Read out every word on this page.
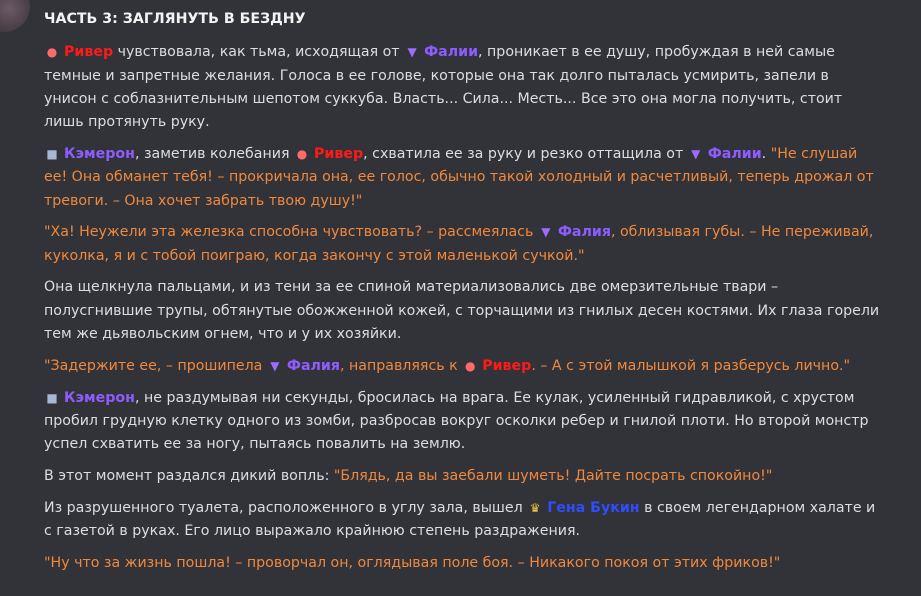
ЧАСТЬ 3: ЗАГЛЯНУТЬ В БЕЗДНУ

● Ривер чувствовала, как тьма, исходящая от ▼ Фалии, проникает в ее душу, пробуждая в ней самые темные и запретные желания. Голоса в ее голове, которые она так долго пыталась усмирить, запели в унисон с соблазнительным шепотом суккуба. Власть... Сила... Месть... Все это она могла получить, стоит лишь протянуть руку.

■ Кэмерон, заметив колебания ● Ривер, схватила ее за руку и резко оттащила от ▼ Фалии. "Не слушай ее! Она обманет тебя! – прокричала она, ее голос, обычно такой холодный и расчетливый, теперь дрожал от тревоги. – Она хочет забрать твою душу!"

"Ха! Неужели эта железка способна чувствовать? – рассмеялась ▼ Фалия, облизывая губы. – Не переживай, куколка, я и с тобой поиграю, когда закончу с этой маленькой сучкой."

Она щелкнула пальцами, и из тени за ее спиной материализовались две омерзительные твари – полусгнившие трупы, обтянутые обожженной кожей, с торчащими из гнилых десен костями. Их глаза горели тем же дьявольским огнем, что и у их хозяйки.

"Задержите ее, – прошипела ▼ Фалия, направляясь к ● Ривер. – А с этой малышкой я разберусь лично."

■ Кэмерон, не раздумывая ни секунды, бросилась на врага. Ее кулак, усиленный гидравликой, с хрустом пробил грудную клетку одного из зомби, разбросав вокруг осколки ребер и гнилой плоти. Но второй монстр успел схватить ее за ногу, пытаясь повалить на землю.

В этот момент раздался дикий вопль: "Блядь, да вы заебали шуметь! Дайте посрать спокойно!"

Из разрушенного туалета, расположенного в углу зала, вышел ♛ Гена Букин в своем легендарном халате и с газетой в руках. Его лицо выражало крайнюю степень раздражения.

"Ну что за жизнь пошла! – проворчал он, оглядывая поле боя. – Никакого покоя от этих фриков!"
